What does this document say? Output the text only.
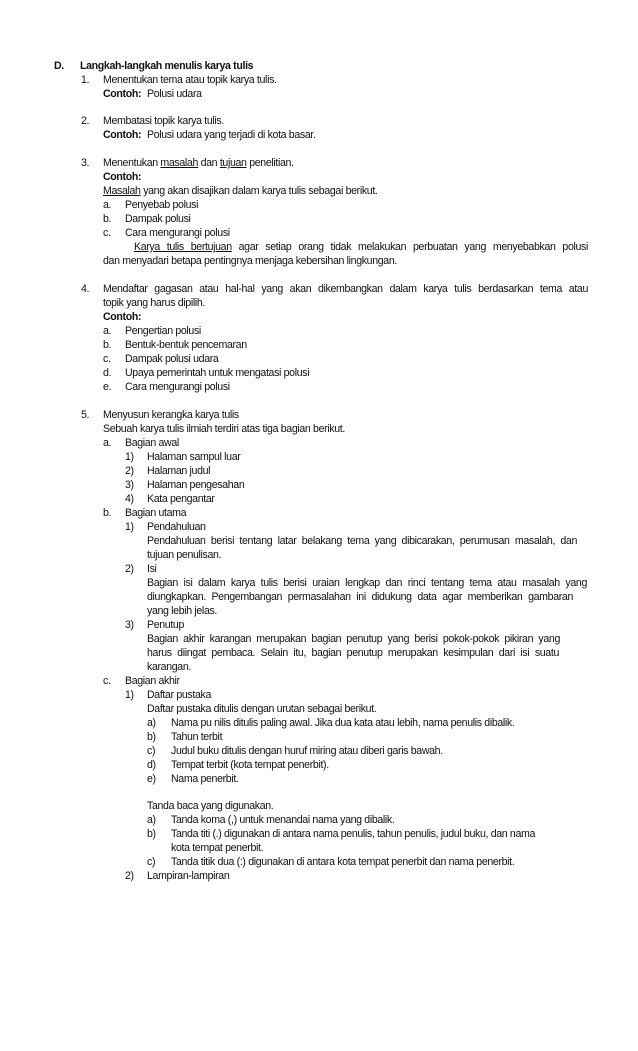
D. Langkah-langkah menulis karya tulis
1. Menentukan tema atau topik karya tulis.
Contoh: Polusi udara
2. Membatasi topik karya tulis.
Contoh: Polusi udara yang terjadi di kota basar.
3. Menentukan masalah dan tujuan penelitian.
Contoh:
Masalah yang akan disajikan dalam karya tulis sebagai berikut.
a. Penyebab polusi
b. Dampak polusi
c. Cara mengurangi polusi
Karya tulis bertujuan agar setiap orang tidak melakukan perbuatan yang menyebabkan polusi
dan menyadari betapa pentingnya menjaga kebersihan lingkungan.
4. Mendaftar gagasan atau hal-hal yang akan dikembangkan dalam karya tulis berdasarkan tema atau
topik yang harus dipilih.
Contoh:
a. Pengertian polusi
b. Bentuk-bentuk pencemaran
c. Dampak polusi udara
d. Upaya pemerintah untuk mengatasi polusi
e. Cara mengurangi polusi
5. Menyusun kerangka karya tulis
Sebuah karya tulis ilmiah terdiri atas tiga bagian berikut.
a. Bagian awal
1) Halaman sampul luar
2) Halaman judul
3) Halaman pengesahan
4) Kata pengantar
b. Bagian utama
1) Pendahuluan
Pendahuluan berisi tentang latar belakang tema yang dibicarakan, perumusan masalah, dan
tujuan penulisan.
2) Isi
Bagian isi dalam karya tulis berisi uraian lengkap dan rinci tentang tema atau masalah yang
diungkapkan. Pengembangan permasalahan ini didukung data agar memberikan gambaran
yang lebih jelas.
3) Penutup
Bagian akhir karangan merupakan bagian penutup yang berisi pokok-pokok pikiran yang
harus diingat pembaca. Selain itu, bagian penutup merupakan kesimpulan dari isi suatu
karangan.
c. Bagian akhir
1) Daftar pustaka
Daftar pustaka ditulis dengan urutan sebagai berikut.
a) Nama pu nilis ditulis paling awal. Jika dua kata atau lebih, nama penulis dibalik.
b) Tahun terbit
c) Judul buku ditulis dengan huruf miring atau diberi garis bawah.
d) Tempat terbit (kota tempat penerbit).
e) Nama penerbit.
Tanda baca yang digunakan.
a) Tanda koma (,) untuk menandai nama yang dibalik.
b) Tanda titi (.) digunakan di antara nama penulis, tahun penulis, judul buku, dan nama
kota tempat penerbit.
c) Tanda titik dua (:) digunakan di antara kota tempat penerbit dan nama penerbit.
2) Lampiran-lampiran
